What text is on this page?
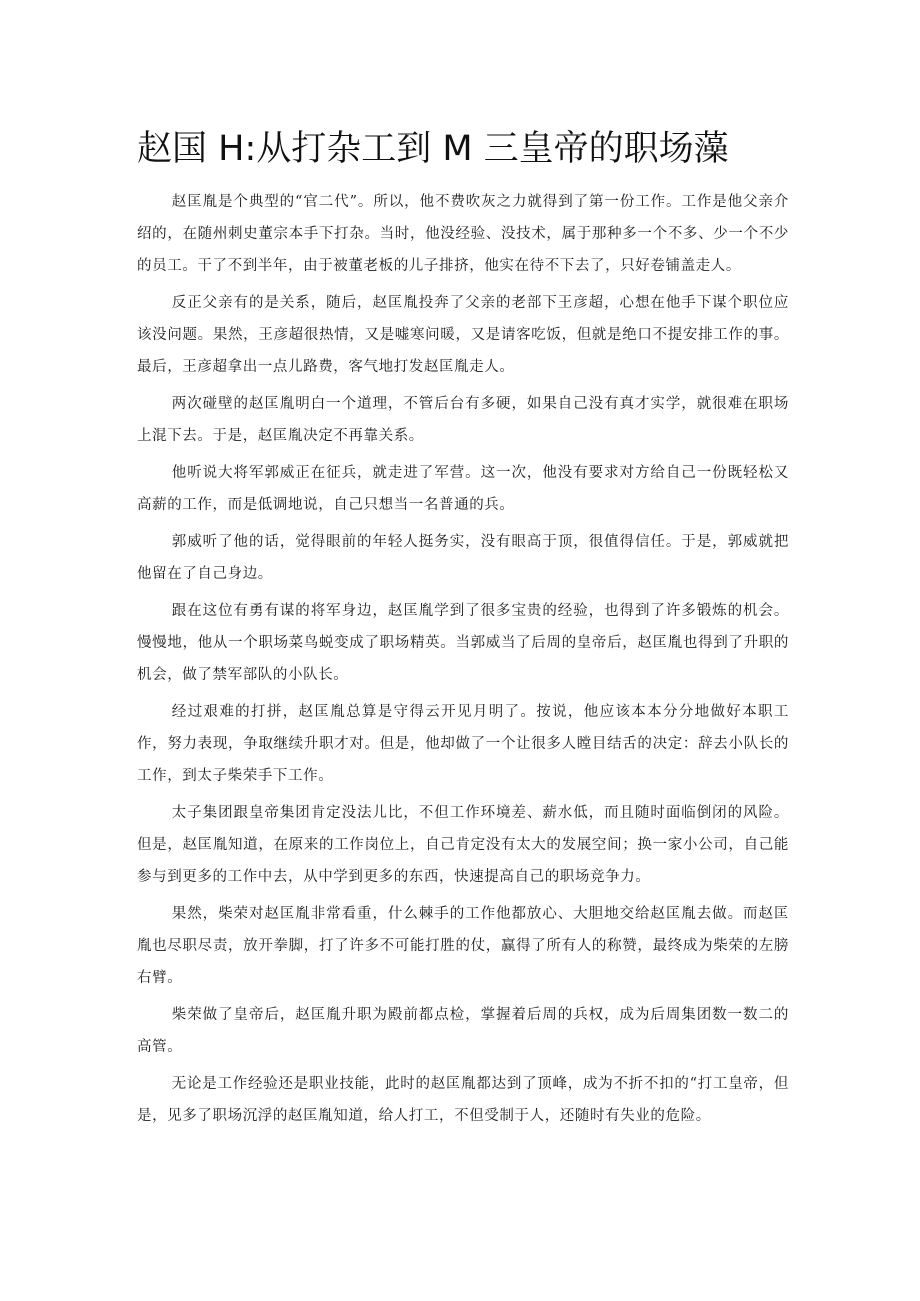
赵国 H:从打杂工到 M 三皇帝的职场藻

赵匡胤是个典型的“官二代”。所以，他不费吹灰之力就得到了第一份工作。工作是他父亲介绍的，在随州刺史董宗本手下打杂。当时，他没经验、没技术，属于那种多一个不多、少一个不少的员工。干了不到半年，由于被董老板的儿子排挤，他实在待不下去了，只好卷铺盖走人。

反正父亲有的是关系，随后，赵匡胤投奔了父亲的老部下王彦超，心想在他手下谋个职位应该没问题。果然，王彦超很热情，又是嘘寒问暖，又是请客吃饭，但就是绝口不提安排工作的事。最后，王彦超拿出一点儿路费，客气地打发赵匡胤走人。

两次碰壁的赵匡胤明白一个道理，不管后台有多硬，如果自己没有真才实学，就很难在职场上混下去。于是，赵匡胤决定不再靠关系。

他听说大将军郭威正在征兵，就走进了军营。这一次，他没有要求对方给自己一份既轻松又高薪的工作，而是低调地说，自己只想当一名普通的兵。

郭威听了他的话，觉得眼前的年轻人挺务实，没有眼高于顶，很值得信任。于是，郭威就把他留在了自己身边。

跟在这位有勇有谋的将军身边，赵匡胤学到了很多宝贵的经验，也得到了许多锻炼的机会。慢慢地，他从一个职场菜鸟蜕变成了职场精英。当郭威当了后周的皇帝后，赵匡胤也得到了升职的机会，做了禁军部队的小队长。

经过艰难的打拼，赵匡胤总算是守得云开见月明了。按说，他应该本本分分地做好本职工作，努力表现，争取继续升职才对。但是，他却做了一个让很多人瞠目结舌的决定：辞去小队长的工作，到太子柴荣手下工作。

太子集团跟皇帝集团肯定没法儿比，不但工作环境差、薪水低，而且随时面临倒闭的风险。但是，赵匡胤知道，在原来的工作岗位上，自己肯定没有太大的发展空间；换一家小公司，自己能参与到更多的工作中去，从中学到更多的东西，快速提高自己的职场竞争力。

果然，柴荣对赵匡胤非常看重，什么棘手的工作他都放心、大胆地交给赵匡胤去做。而赵匡胤也尽职尽责，放开拳脚，打了许多不可能打胜的仗，赢得了所有人的称赞，最终成为柴荣的左膀右臂。

柴荣做了皇帝后，赵匡胤升职为殿前都点检，掌握着后周的兵权，成为后周集团数一数二的高管。

无论是工作经验还是职业技能，此时的赵匡胤都达到了顶峰，成为不折不扣的“打工皇帝，但是，见多了职场沉浮的赵匡胤知道，给人打工，不但受制于人，还随时有失业的危险。
